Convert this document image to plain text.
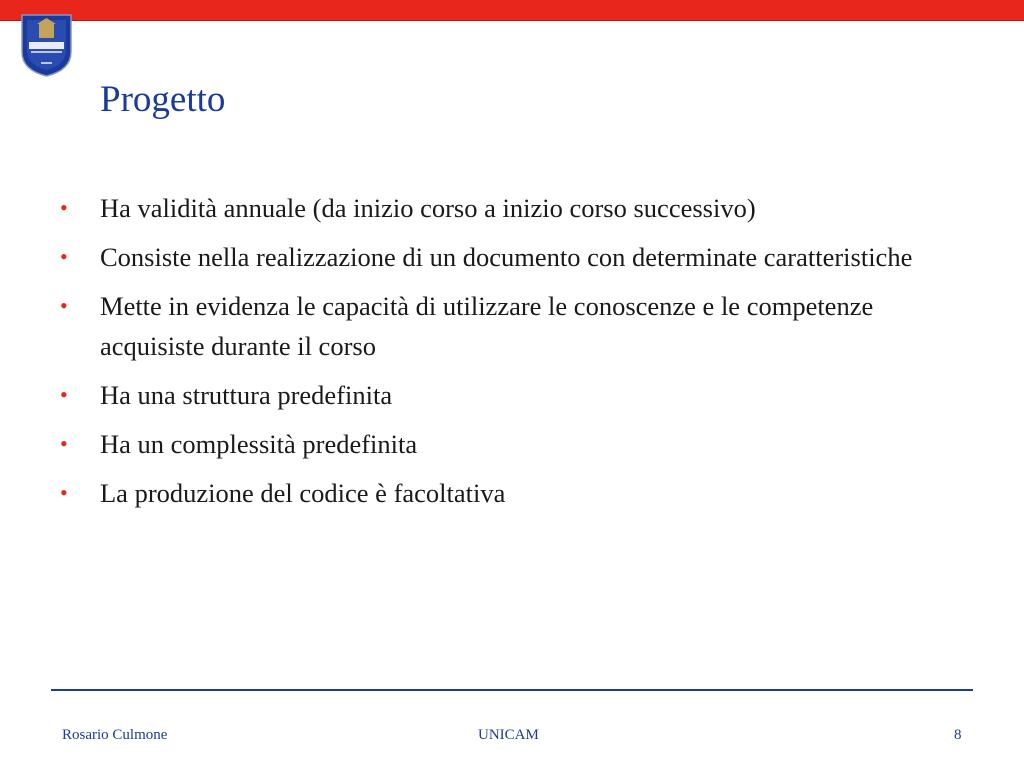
Progetto
• Ha validità annuale (da inizio corso a inizio corso successivo)
• Consiste nella realizzazione di un documento con determinate caratteristiche
• Mette in evidenza le capacità di utilizzare le conoscenze e le competenze acquisiste durante il corso
• Ha una struttura predefinita
• Ha un complessità predefinita
• La produzione del codice è facoltativa
Rosario Culmone	UNICAM	8
